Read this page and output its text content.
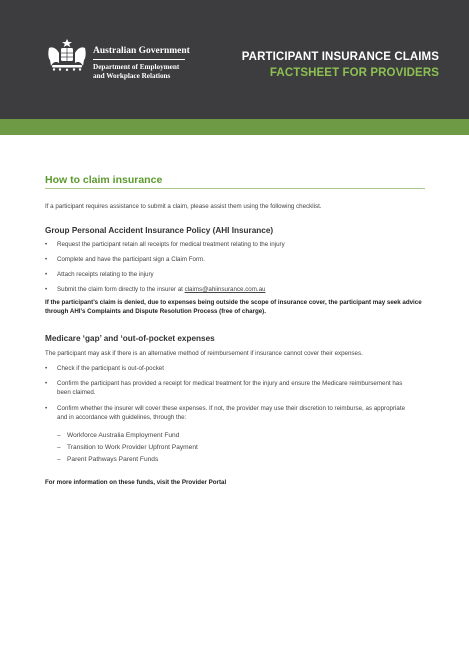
Australian Government
Department of Employment
and Workplace Relations
PARTICIPANT INSURANCE CLAIMS
FACTSHEET FOR PROVIDERS
How to claim insurance
If a participant requires assistance to submit a claim, please assist them using the following checklist.
Group Personal Accident Insurance Policy (AHI Insurance)
• Request the participant retain all receipts for medical treatment relating to the injury
• Complete and have the participant sign a Claim Form.
• Attach receipts relating to the injury
• Submit the claim form directly to the insurer at claims@ahiinsurance.com.au
If the participant’s claim is denied, due to expenses being outside the scope of insurance cover, the participant may seek advice through AHI’s Complaints and Dispute Resolution Process (free of charge).
Medicare ‘gap’ and ‘out-of-pocket expenses
The participant may ask if there is an alternative method of reimbursement if insurance cannot cover their expenses.
• Check if the participant is out-of-pocket
• Confirm the participant has provided a receipt for medical treatment for the injury and ensure the Medicare reimbursement has been claimed.
• Confirm whether the insurer will cover these expenses. If not, the provider may use their discretion to reimburse, as appropriate and in accordance with guidelines, through the:
– Workforce Australia Employment Fund
– Transition to Work Provider Upfront Payment
– Parent Pathways Parent Funds
For more information on these funds, visit the Provider Portal
